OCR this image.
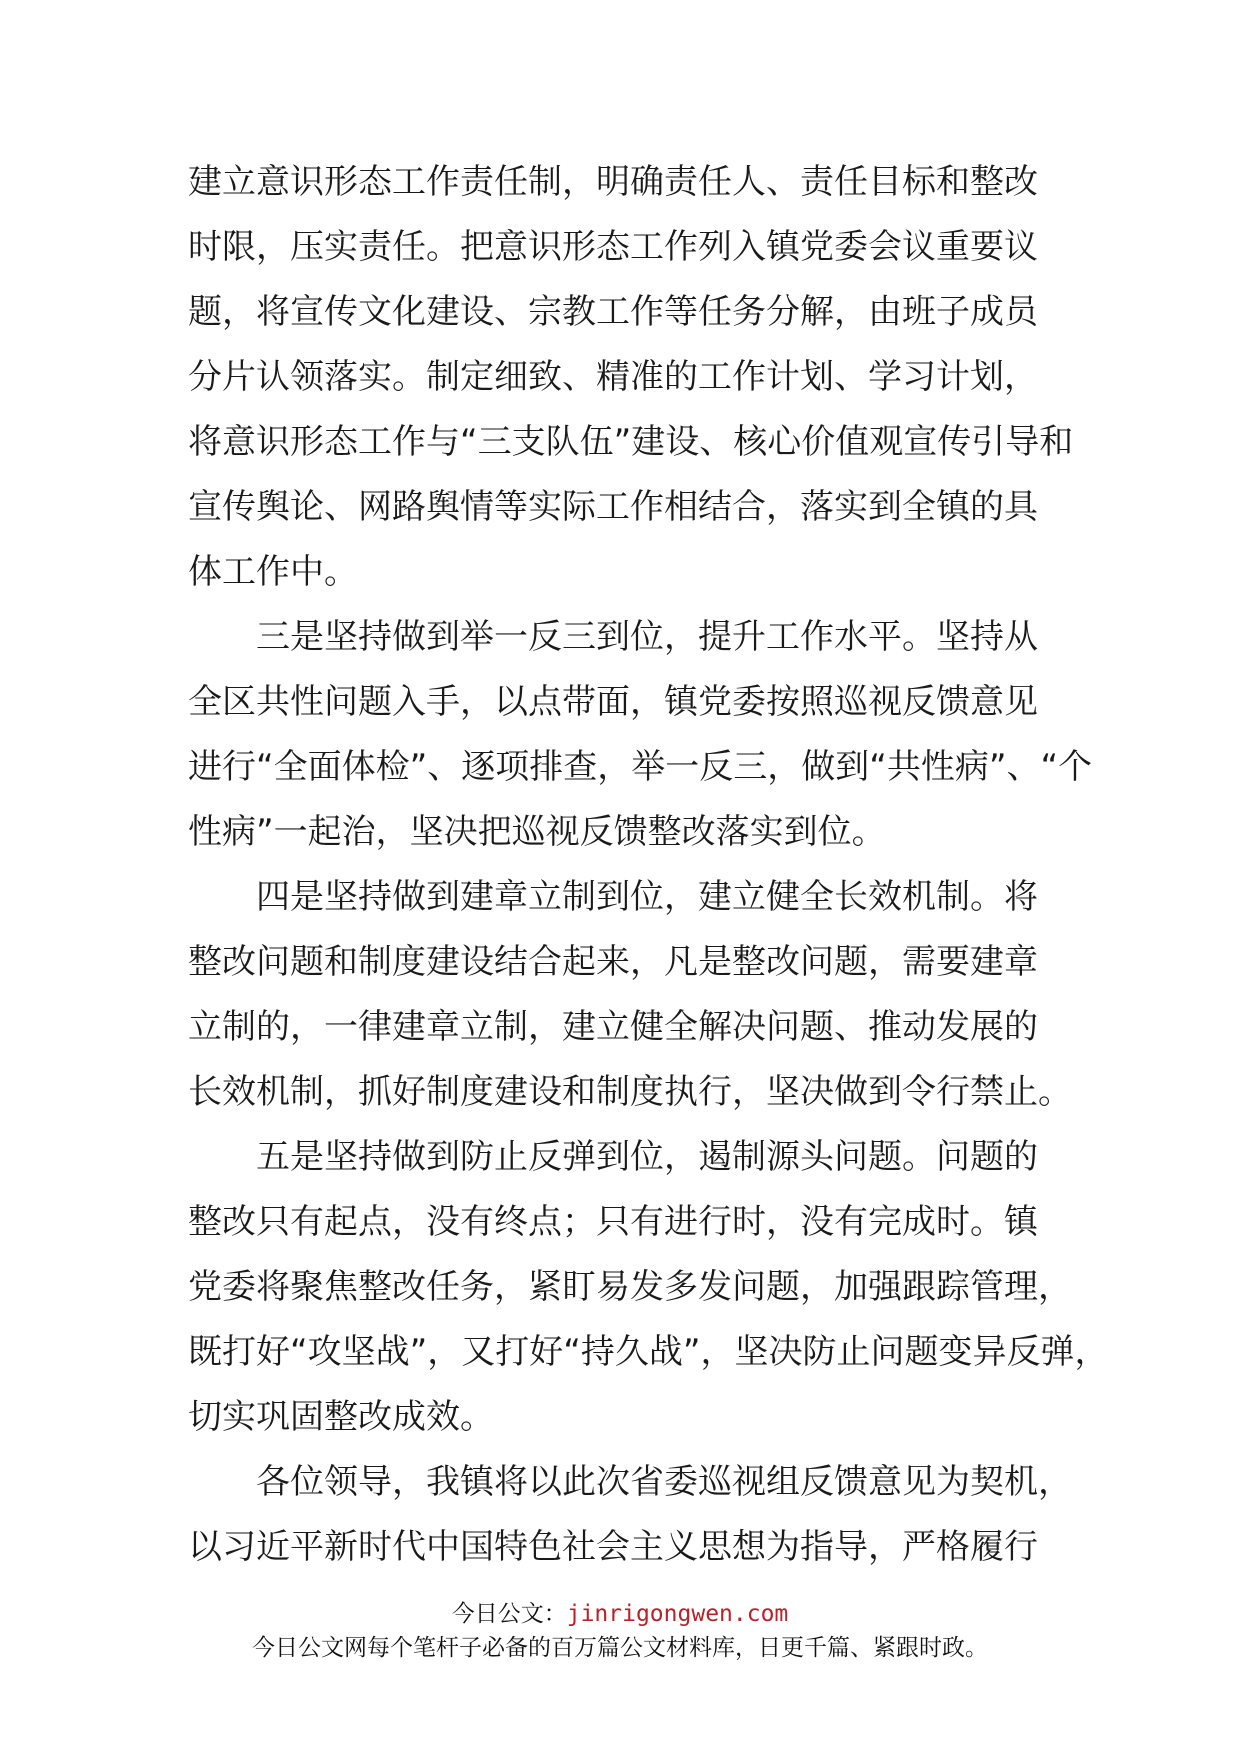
建立意识形态工作责任制，明确责任人、责任目标和整改
时限，压实责任。把意识形态工作列入镇党委会议重要议
题，将宣传文化建设、宗教工作等任务分解，由班子成员
分片认领落实。制定细致、精准的工作计划、学习计划，
将意识形态工作与“三支队伍”建设、核心价值观宣传引导和
宣传舆论、网路舆情等实际工作相结合，落实到全镇的具
体工作中。
三是坚持做到举一反三到位，提升工作水平。坚持从
全区共性问题入手，以点带面，镇党委按照巡视反馈意见
进行“全面体检”、逐项排查，举一反三，做到“共性病”、“个
性病”一起治，坚决把巡视反馈整改落实到位。
四是坚持做到建章立制到位，建立健全长效机制。将
整改问题和制度建设结合起来，凡是整改问题，需要建章
立制的，一律建章立制，建立健全解决问题、推动发展的
长效机制，抓好制度建设和制度执行，坚决做到令行禁止。
五是坚持做到防止反弹到位，遏制源头问题。问题的
整改只有起点，没有终点；只有进行时，没有完成时。镇
党委将聚焦整改任务，紧盯易发多发问题，加强跟踪管理，
既打好“攻坚战”，又打好“持久战”，坚决防止问题变异反弹，
切实巩固整改成效。
各位领导，我镇将以此次省委巡视组反馈意见为契机，
以习近平新时代中国特色社会主义思想为指导，严格履行
今日公文：jinrigongwen.com
今日公文网每个笔杆子必备的百万篇公文材料库，日更千篇、紧跟时政。
